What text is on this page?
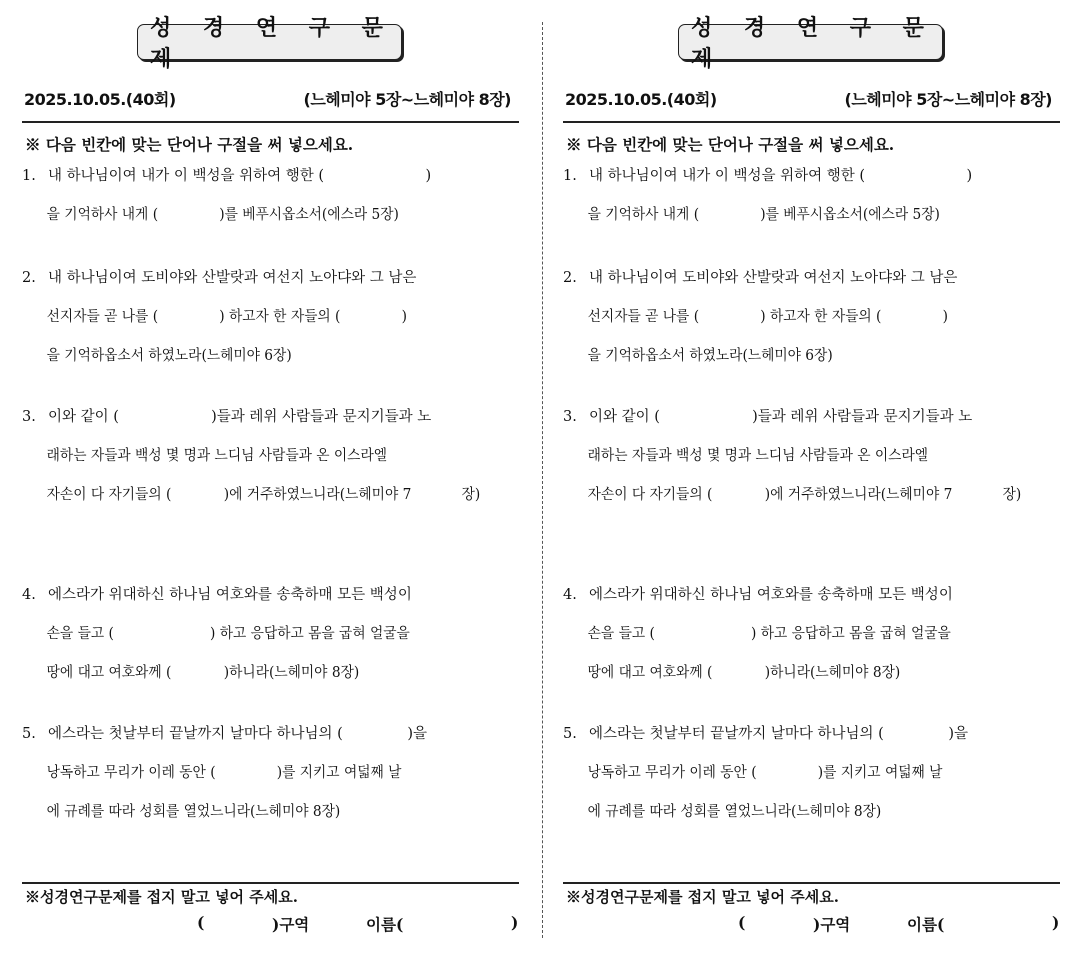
성 경 연 구 문 제
2025.10.05.(40회)	(느헤미야 5장~느헤미야 8장)
※ 다음 빈칸에 맞는 단어나 구절을 써 넣으세요.
1. 내 하나님이여 내가 이 백성을 위하여 행한 (                      )
을 기억하사 내게 (              )를 베푸시옵소서(에스라 5장)
2. 내 하나님이여 도비야와 산발랏과 여선지 노아댜와 그 남은
선지자들 곧 나를 (              ) 하고자 한 자들의 (              ) 을 기억하옵소서 하였노라(느헤미야 6장)
3. 이와 같이 (                    )들과 레위 사람들과 문지기들과 노
래하는 자들과 백성 몇 명과 느디님 사람들과 온 이스라엘 자손이 다 자기들의 (            )에 거주하였느니라(느헤미야 7	장)
4. 에스라가 위대하신 하나님 여호와를 송축하매 모든 백성이
손을 들고 (                      ) 하고 응답하고 몸을 굽혀 얼굴을 땅에 대고 여호와께 (            )하니라(느헤미야 8장)
5. 에스라는 첫날부터 끝날까지 날마다 하나님의 (              )을
낭독하고 무리가 이레 동안 (              )를 지키고 여덟째 날 에 규례를 따라 성회를 열었느니라(느헤미야 8장)
※성경연구문제를 접지 말고 넣어 주세요.
(	)구역	이름(	)
성 경 연 구 문 제
2025.10.05.(40회)	(느헤미야 5장~느헤미야 8장)
※ 다음 빈칸에 맞는 단어나 구절을 써 넣으세요.
1. 내 하나님이여 내가 이 백성을 위하여 행한 (                      )
을 기억하사 내게 (              )를 베푸시옵소서(에스라 5장)
2. 내 하나님이여 도비야와 산발랏과 여선지 노아댜와 그 남은
선지자들 곧 나를 (              ) 하고자 한 자들의 (              ) 을 기억하옵소서 하였노라(느헤미야 6장)
3. 이와 같이 (                    )들과 레위 사람들과 문지기들과 노
래하는 자들과 백성 몇 명과 느디님 사람들과 온 이스라엘 자손이 다 자기들의 (            )에 거주하였느니라(느헤미야 7	장)
4. 에스라가 위대하신 하나님 여호와를 송축하매 모든 백성이
손을 들고 (                      ) 하고 응답하고 몸을 굽혀 얼굴을 땅에 대고 여호와께 (            )하니라(느헤미야 8장)
5. 에스라는 첫날부터 끝날까지 날마다 하나님의 (              )을
낭독하고 무리가 이레 동안 (              )를 지키고 여덟째 날 에 규례를 따라 성회를 열었느니라(느헤미야 8장)
※성경연구문제를 접지 말고 넣어 주세요.
(	)구역	이름(	)
